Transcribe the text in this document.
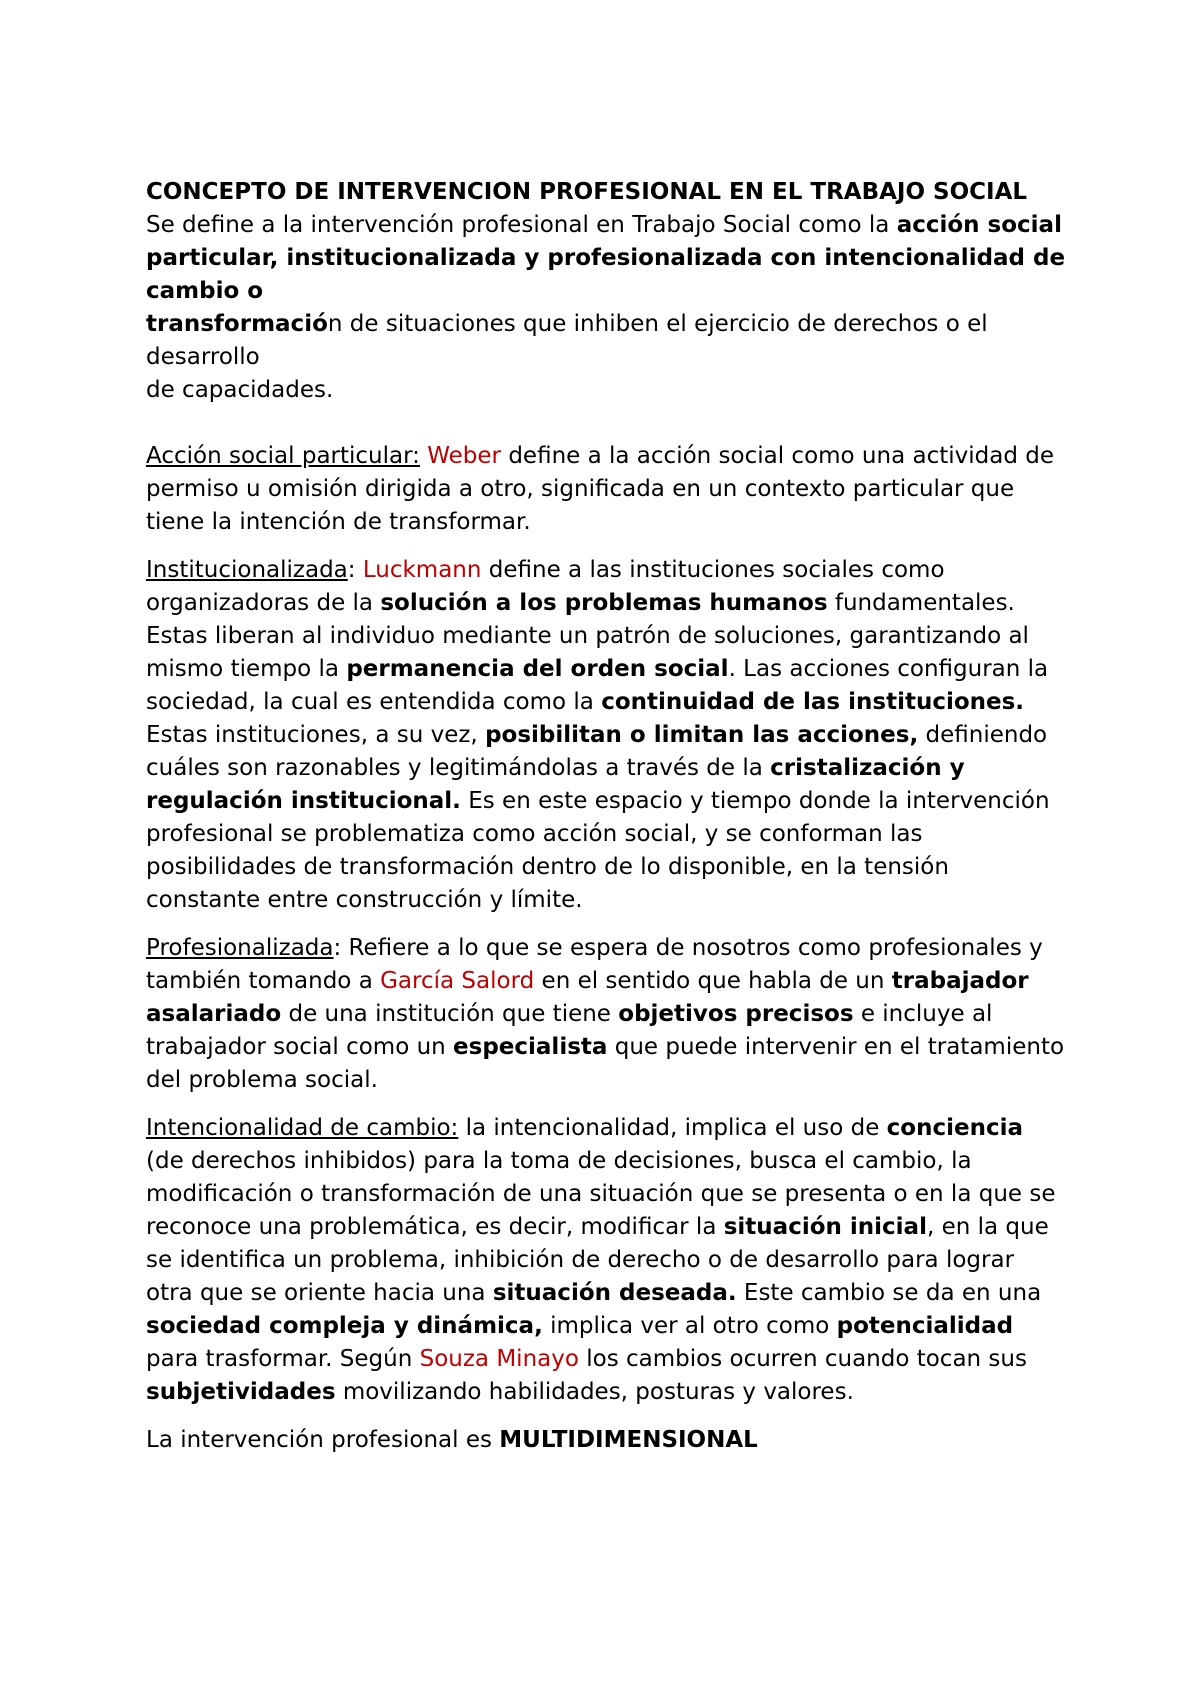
CONCEPTO DE INTERVENCION PROFESIONAL EN EL TRABAJO SOCIAL

Se define a la intervención profesional en Trabajo Social como la acción social particular, institucionalizada y profesionalizada con intencionalidad de cambio o
transformación de situaciones que inhiben el ejercicio de derechos o el desarrollo
de capacidades.

Acción social particular: Weber define a la acción social como una actividad de permiso u omisión dirigida a otro, significada en un contexto particular que tiene la intención de transformar.

Institucionalizada: Luckmann define a las instituciones sociales como organizadoras de la solución a los problemas humanos fundamentales. Estas liberan al individuo mediante un patrón de soluciones, garantizando al mismo tiempo la permanencia del orden social. Las acciones configuran la sociedad, la cual es entendida como la continuidad de las instituciones. Estas instituciones, a su vez, posibilitan o limitan las acciones, definiendo cuáles son razonables y legitimándolas a través de la cristalización y regulación institucional. Es en este espacio y tiempo donde la intervención profesional se problematiza como acción social, y se conforman las posibilidades de transformación dentro de lo disponible, en la tensión constante entre construcción y límite.

Profesionalizada: Refiere a lo que se espera de nosotros como profesionales y también tomando a García Salord en el sentido que habla de un trabajador asalariado de una institución que tiene objetivos precisos e incluye al trabajador social como un especialista que puede intervenir en el tratamiento del problema social.

Intencionalidad de cambio: la intencionalidad, implica el uso de conciencia (de derechos inhibidos) para la toma de decisiones, busca el cambio, la modificación o transformación de una situación que se presenta o en la que se reconoce una problemática, es decir, modificar la situación inicial, en la que se identifica un problema, inhibición de derecho o de desarrollo para lograr otra que se oriente hacia una situación deseada. Este cambio se da en una sociedad compleja y dinámica, implica ver al otro como potencialidad para trasformar. Según Souza Minayo los cambios ocurren cuando tocan sus subjetividades movilizando habilidades, posturas y valores.

La intervención profesional es MULTIDIMENSIONAL
